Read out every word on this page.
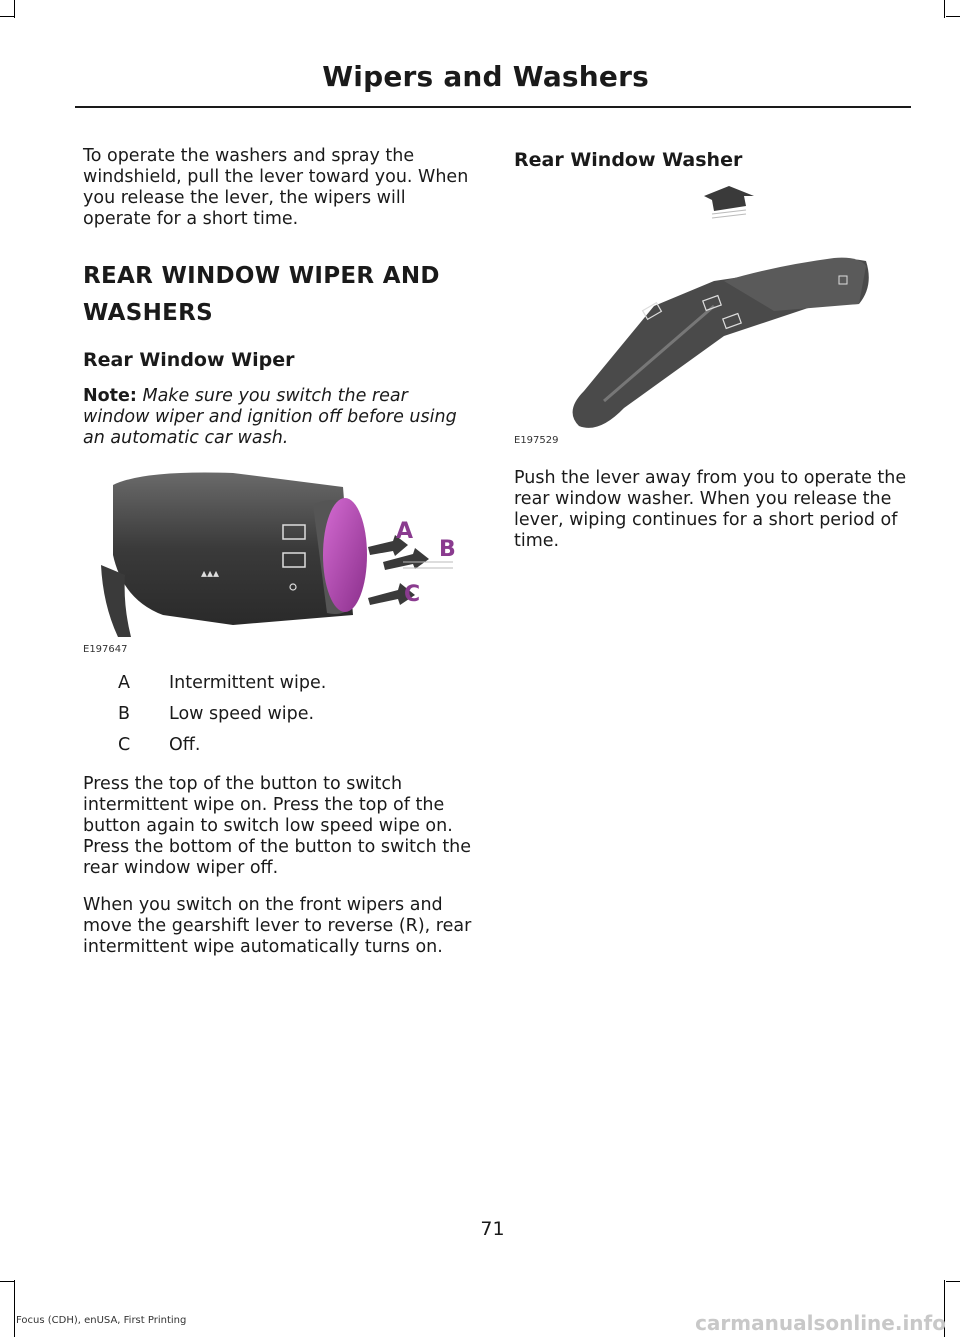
Wipers and Washers

To operate the washers and spray the windshield, pull the lever toward you. When you release the lever, the wipers will operate for a short time.

REAR WINDOW WIPER AND
WASHERS
Rear Window Wiper

Note: Make sure you switch the rear window wiper and ignition off before using an automatic car wash.

▴▴▴
A
B
C
E197647
A	Intermittent wipe.
B	Low speed wipe.
C	Off.

Press the top of the button to switch intermittent wipe on. Press the top of the button again to switch low speed wipe on. Press the bottom of the button to switch the rear window wiper off.

When you switch on the front wipers and move the gearshift lever to reverse (R), rear intermittent wipe automatically turns on.

Rear Window Washer
E197529

Push the lever away from you to operate the rear window washer. When you release the lever, wiping continues for a short period of time.

71
Focus (CDH), enUSA, First Printing	carmanualsonline.info
